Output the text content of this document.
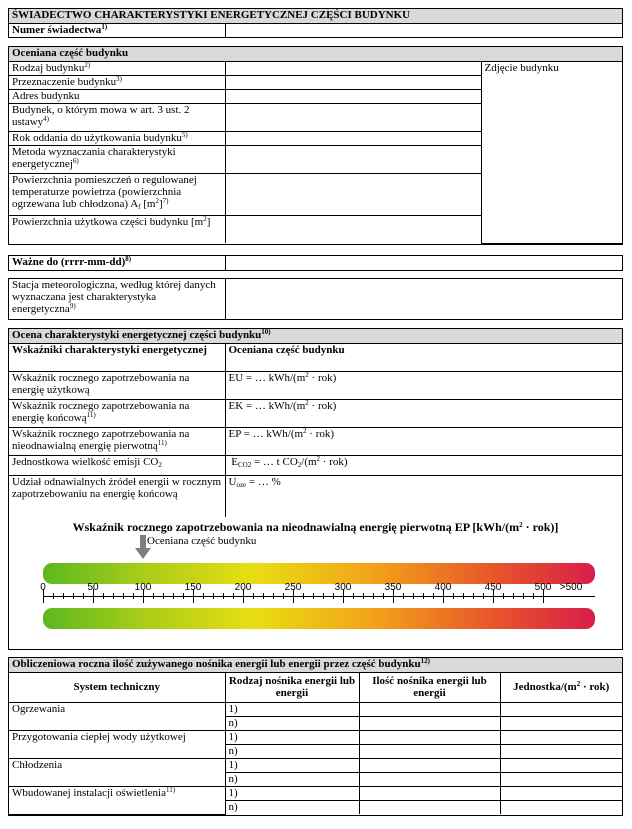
ŚWIADECTWO CHARAKTERYSTYKI ENERGETYCZNEJ CZĘŚCI BUDYNKU
Numer świadectwa$^{1)}$	
Oceniana część budynku		
Rodzaj budynku$^{2)}$		Zdjęcie budynku
Przeznaczenie budynku$^{3)}$	
Adres budynku		
Budynek, o którym mowa w art. 3 ust. 2 ustawy$^{4)}$	
Rok oddania do użytkowania budynku$^{5)}$	
Metoda wyznaczania charakterystyki energetycznej$^{6)}$	
Powierzchnia pomieszczeń o regulowanej temperaturze powietrza (powierzchnia ogrzewana lub chłodzona) $A_f$ $[m^2]^{7)}$	
Powierzchnia użytkowa części budynku $[m^2]$		
Ważne do (rrrr-mm-dd)$^{8)}$	
Stacja meteorologiczna, według której danych wyznaczana jest charakterystyka energetyczna$^{9)}$	
Ocena charakterystyki energetycznej części budynku$^{10)}$
Wskaźniki charakterystyki energetycznej	Oceniana część budynku
Wskaźnik rocznego zapotrzebowania na energię użytkową	EU = … kWh/$(m^2 \cdot rok)$
Wskaźnik rocznego zapotrzebowania na energię końcową$^{11)}$	EK = … kWh/$(m^2 \cdot rok)$
Wskaźnik rocznego zapotrzebowania na nieodnawialną energię pierwotną$^{11)}$	EP = … kWh/$(m^2 \cdot rok)$
Jednostkowa wielkość emisji $CO_2$	$E_{CO2}$ = … t $CO_2/(m^2 \cdot rok)$
Udział odnawialnych źródeł energii w rocznym zapotrzebowaniu na energię końcową	$U_{oze}$ = … %
Wskaźnik rocznego zapotrzebowania na nieodnawialną energię pierwotną EP $[kWh/(m^2 \cdot rok)]$
Oceniana część budynku
0	50	100	150	200	250	300	350	400	450	500 >500
Obliczeniowa roczna ilość zużywanego nośnika energii lub energii przez część budynku$^{12)}$
System techniczny	Rodzaj nośnika energii lub energii	Ilość nośnika energii lub energii	Jednostka/$(m^2 \cdot rok)$
Ogrzewania	1)		
	n)		
Przygotowania ciepłej wody użytkowej	1)		
	n)		
Chłodzenia	1)		
	n)		
Wbudowanej instalacji oświetlenia$^{11)}$	1)		
	n)		
